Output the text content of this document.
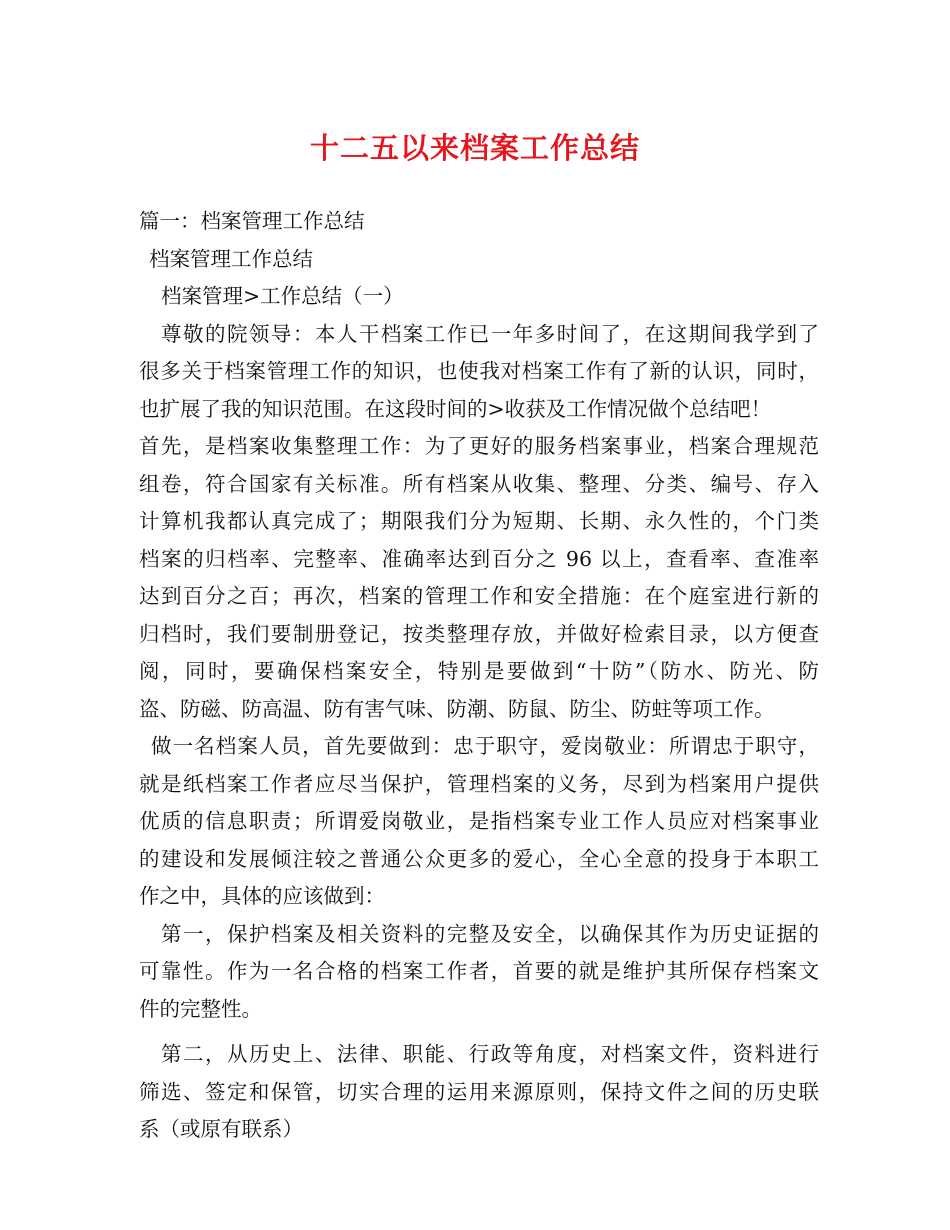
十二五以来档案工作总结
篇一：档案管理工作总结
档案管理工作总结
档案管理>工作总结（一）
尊敬的院领导：本人干档案工作已一年多时间了，在这期间我学到了
很多关于档案管理工作的知识，也使我对档案工作有了新的认识，同时，
也扩展了我的知识范围。在这段时间的>收获及工作情况做个总结吧！
首先，是档案收集整理工作：为了更好的服务档案事业，档案合理规范
组卷，符合国家有关标准。所有档案从收集、整理、分类、编号、存入
计算机我都认真完成了；期限我们分为短期、长期、永久性的，个门类
档案的归档率、完整率、准确率达到百分之 96 以上，查看率、查准率
达到百分之百；再次，档案的管理工作和安全措施：在个庭室进行新的
归档时，我们要制册登记，按类整理存放，并做好检索目录，以方便查
阅，同时，要确保档案安全，特别是要做到“十防”（防水、防光、防
盗、防磁、防高温、防有害气味、防潮、防鼠、防尘、防蛀等项工作。
做一名档案人员，首先要做到：忠于职守，爱岗敬业：所谓忠于职守，
就是纸档案工作者应尽当保护，管理档案的义务，尽到为档案用户提供
优质的信息职责；所谓爱岗敬业，是指档案专业工作人员应对档案事业
的建设和发展倾注较之普通公众更多的爱心，全心全意的投身于本职工
作之中，具体的应该做到：
第一，保护档案及相关资料的完整及安全，以确保其作为历史证据的
可靠性。作为一名合格的档案工作者，首要的就是维护其所保存档案文
件的完整性。
第二，从历史上、法律、职能、行政等角度，对档案文件，资料进行
筛选、签定和保管，切实合理的运用来源原则，保持文件之间的历史联
系（或原有联系）
